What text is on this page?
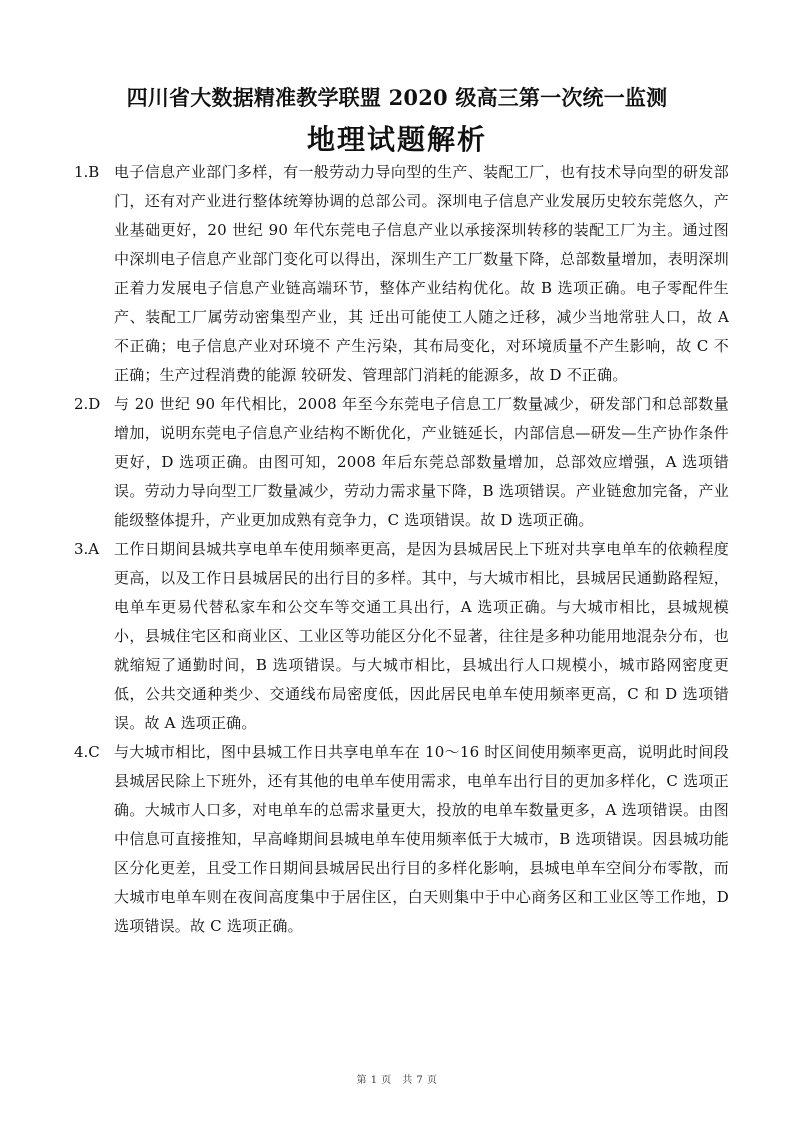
四川省大数据精准教学联盟 2020 级高三第一次统一监测
地理试题解析
1.B 电子信息产业部门多样，有一般劳动力导向型的生产、装配工厂，也有技术导向型的研发部门，还有对产业进行整体统筹协调的总部公司。深圳电子信息产业发展历史较东莞悠久，产业基础更好，20 世纪 90 年代东莞电子信息产业以承接深圳转移的装配工厂为主。通过图中深圳电子信息产业部门变化可以得出，深圳生产工厂数量下降，总部数量增加，表明深圳正着力发展电子信息产业链高端环节，整体产业结构优化。故 B 选项正确。电子零配件生产、装配工厂属劳动密集型产业，其 迁出可能使工人随之迁移，减少当地常驻人口，故 A 不正确；电子信息产业对环境不 产生污染，其布局变化，对环境质量不产生影响，故 C 不正确；生产过程消费的能源 较研发、管理部门消耗的能源多，故 D 不正确。
2.D 与 20 世纪 90 年代相比，2008 年至今东莞电子信息工厂数量减少，研发部门和总部数量增加，说明东莞电子信息产业结构不断优化，产业链延长，内部信息—研发—生产协作条件更好，D 选项正确。由图可知，2008 年后东莞总部数量增加，总部效应增强，A 选项错误。劳动力导向型工厂数量减少，劳动力需求量下降，B 选项错误。产业链愈加完备，产业能级整体提升，产业更加成熟有竞争力，C 选项错误。故 D 选项正确。
3.A 工作日期间县城共享电单车使用频率更高，是因为县城居民上下班对共享电单车的依赖程度更高，以及工作日县城居民的出行目的多样。其中，与大城市相比，县城居民通勤路程短，电单车更易代替私家车和公交车等交通工具出行，A 选项正确。与大城市相比，县城规模小，县城住宅区和商业区、工业区等功能区分化不显著，往往是多种功能用地混杂分布，也就缩短了通勤时间，B 选项错误。与大城市相比，县城出行人口规模小，城市路网密度更低，公共交通种类少、交通线布局密度低，因此居民电单车使用频率更高，C 和 D 选项错误。故 A 选项正确。
4.C 与大城市相比，图中县城工作日共享电单车在 10～16 时区间使用频率更高，说明此时间段县城居民除上下班外，还有其他的电单车使用需求，电单车出行目的更加多样化，C 选项正确。大城市人口多，对电单车的总需求量更大，投放的电单车数量更多，A 选项错误。由图中信息可直接推知，早高峰期间县城电单车使用频率低于大城市，B 选项错误。因县城功能区分化更差，且受工作日期间县城居民出行目的多样化影响，县城电单车空间分布零散，而大城市电单车则在夜间高度集中于居住区，白天则集中于中心商务区和工业区等工作地，D 选项错误。故 C 选项正确。
第 1 页　共 7 页
